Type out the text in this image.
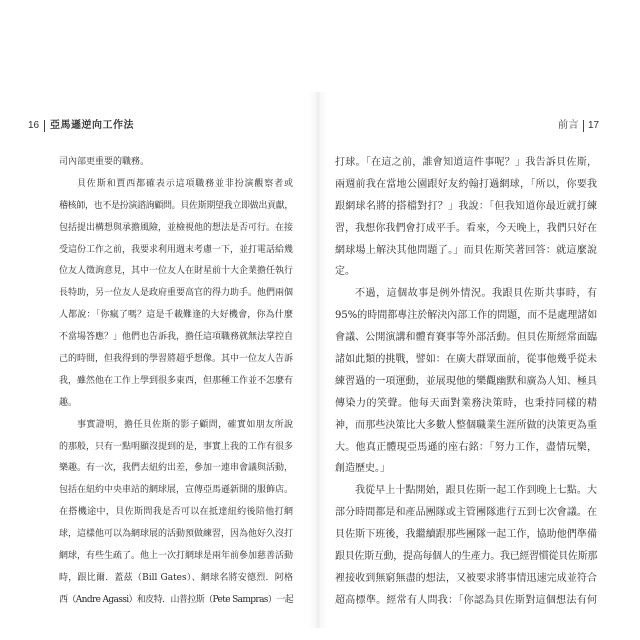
16 亞馬遜逆向工作法	前言 17
司內部更重要的職務。
貝佐斯和賈西都確表示這項職務並非扮演觀察者或
稽核師，也不是扮演諮詢顧問。貝佐斯期望我立即做出貢獻，
包括提出構想與承擔風險，並檢視他的想法是否可行。在接
受這份工作之前，我要求利用週末考慮一下，並打電話給幾
位友人徵詢意見，其中一位友人在財星前十大企業擔任執行
長特助，另一位友人是政府重要高官的得力助手。他們兩個
人都說：「你瘋了嗎？這是千載難逢的大好機會，你為什麼
不當場答應？」他們也告訴我，擔任這項職務就無法掌控自
己的時間，但我得到的學習將超乎想像。其中一位友人告訴
我，雖然他在工作上學到很多東西，但那種工作並不怎麼有
趣。
事實證明，擔任貝佐斯的影子顧問，確實如朋友所說
的那般，只有一點明顯沒提到的是，事實上我的工作有很多
樂趣。有一次，我們去紐約出差，參加一連串會議與活動，
包括在紐約中央車站的網球展，宣傳亞馬遜新開的服飾店。
在搭機途中，貝佐斯問我是否可以在抵達紐約後陪他打網
球，這樣他可以為網球展的活動預做練習，因為他好久沒打
網球，有些生疏了。他上一次打網球是兩年前參加慈善活動
時，跟比爾．蓋茲（Bill Gates）、網球名將安德烈．阿格
西（Andre Agassi）和皮特．山普拉斯（Pete Sampras）一起
打球。「在這之前，誰會知道這件事呢？」我告訴貝佐斯，
兩週前我在當地公園跟好友約翰打過網球，「所以，你要我
跟網球名將的搭檔對打？」我說：「但我知道你最近就打練
習，我想你我們會打成平手。看來，今天晚上，我們只好在
網球場上解決其他問題了。」而貝佐斯笑著回答：就這麼說
定。
不過，這個故事是例外情況。我跟貝佐斯共事時，有
95%的時間都專注於解決內部工作的問題，而不是處理諸如
會議、公開演講和體育賽事等外部活動。但貝佐斯經常面臨
諸如此類的挑戰，譬如：在廣大群眾面前，從事他幾乎從未
練習過的一項運動，並展現他的樂觀幽默和廣為人知、極具
傳染力的笑聲。他每天面對業務決策時，也秉持同樣的精
神，而那些決策比大多數人整個職業生涯所做的決策更為重
大。他真正體現亞馬遜的座右銘：「努力工作，盡情玩樂，
創造歷史。」
我從早上十點開始，跟貝佐斯一起工作到晚上七點。大
部分時間都是和產品團隊或主管團隊進行五到七次會議。在
貝佐斯下班後，我繼續跟那些團隊一起工作，協助他們準備
跟貝佐斯互動，提高每個人的生產力。我已經習慣從貝佐斯那
裡接收到無窮無盡的想法，又被要求將事情迅速完成並符合
超高標準。經常有人問我：「你認為貝佐斯對這個想法有何
